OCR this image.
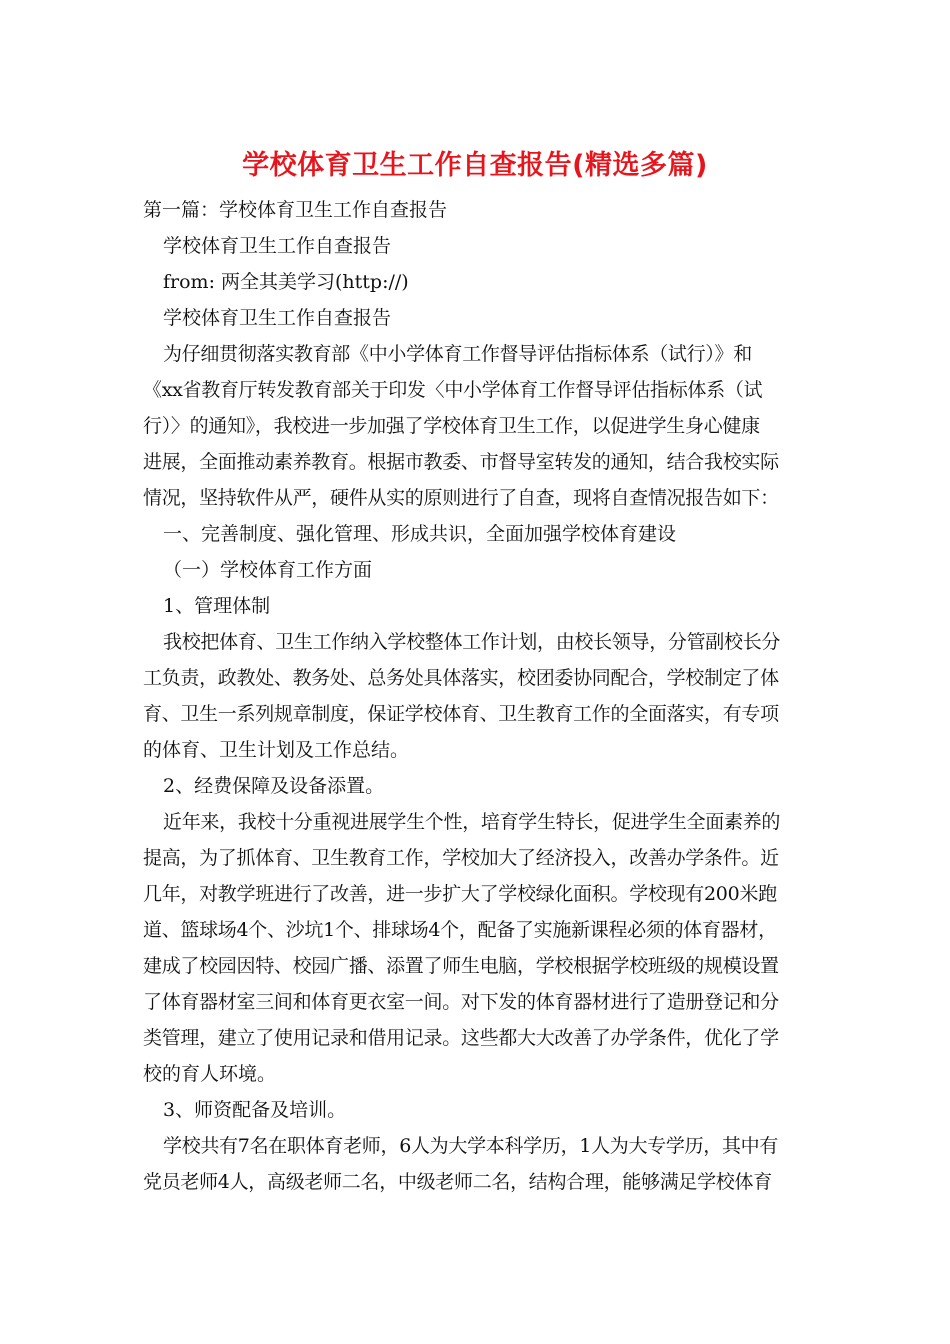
学校体育卫生工作自查报告(精选多篇)
第一篇：学校体育卫生工作自查报告
学校体育卫生工作自查报告
from: 两全其美学习(http://)
学校体育卫生工作自查报告
为仔细贯彻落实教育部《中小学体育工作督导评估指标体系（试行）》和
《xx省教育厅转发教育部关于印发〈中小学体育工作督导评估指标体系（试
行）〉的通知》，我校进一步加强了学校体育卫生工作，以促进学生身心健康
进展，全面推动素养教育。根据市教委、市督导室转发的通知，结合我校实际
情况，坚持软件从严，硬件从实的原则进行了自查，现将自查情况报告如下：
一、完善制度、强化管理、形成共识，全面加强学校体育建设
（一）学校体育工作方面
1、管理体制
我校把体育、卫生工作纳入学校整体工作计划，由校长领导，分管副校长分
工负责，政教处、教务处、总务处具体落实，校团委协同配合，学校制定了体
育、卫生一系列规章制度，保证学校体育、卫生教育工作的全面落实，有专项
的体育、卫生计划及工作总结。
2、经费保障及设备添置。
近年来，我校十分重视进展学生个性，培育学生特长，促进学生全面素养的
提高，为了抓体育、卫生教育工作，学校加大了经济投入，改善办学条件。近
几年，对教学班进行了改善，进一步扩大了学校绿化面积。学校现有200米跑
道、篮球场4个、沙坑1个、排球场4个，配备了实施新课程必须的体育器材，
建成了校园因特、校园广播、添置了师生电脑，学校根据学校班级的规模设置
了体育器材室三间和体育更衣室一间。对下发的体育器材进行了造册登记和分
类管理，建立了使用记录和借用记录。这些都大大改善了办学条件，优化了学
校的育人环境。
3、师资配备及培训。
学校共有7名在职体育老师，6人为大学本科学历，1人为大专学历，其中有
党员老师4人，高级老师二名，中级老师二名，结构合理，能够满足学校体育
